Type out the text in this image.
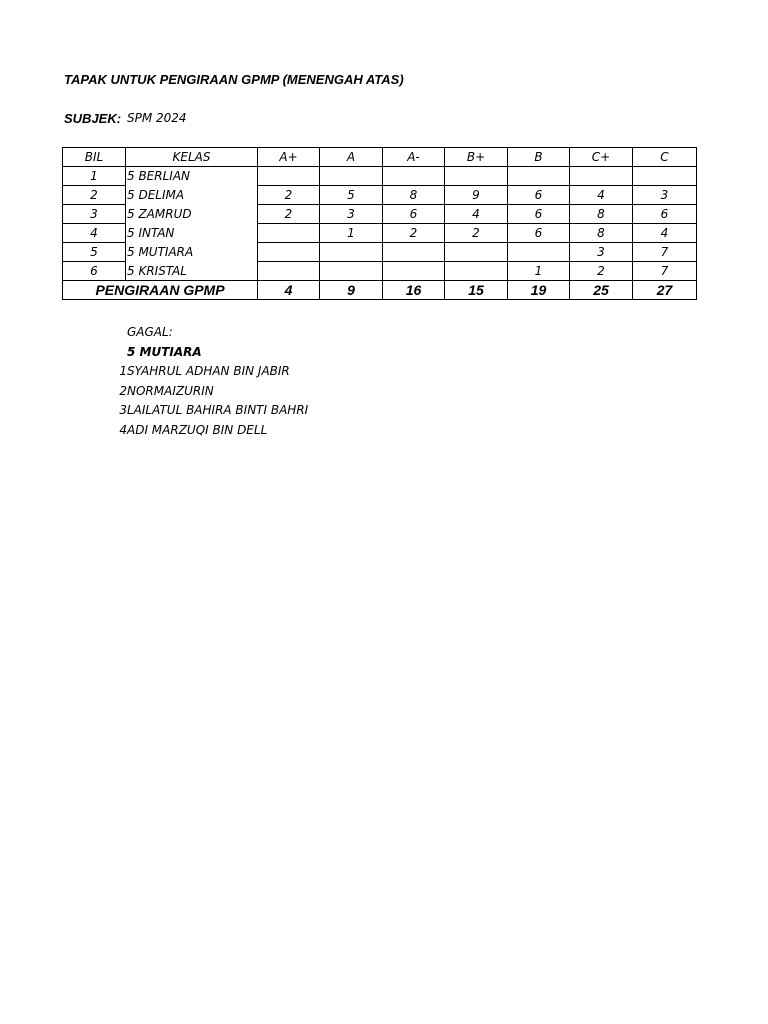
TAPAK UNTUK PENGIRAAN GPMP (MENENGAH ATAS)
SUBJEK: SPM 2024
BIL	KELAS	A+	A	A-	B+	B	C+	C
1	5 BERLIAN							
2	5 DELIMA	2	5	8	9	6	4	3
3	5 ZAMRUD	2	3	6	4	6	8	6
4	5 INTAN		1	2	2	6	8	4
5	5 MUTIARA						3	7
6	5 KRISTAL					1	2	7
PENGIRAAN GPMP		4	9	16	15	19	25	27
GAGAL:
5 MUTIARA
1 SYAHRUL ADHAN BIN JABIR
2 NORMAIZURIN
3 LAILATUL BAHIRA BINTI BAHRI
4 ADI MARZUQI BIN DELL
